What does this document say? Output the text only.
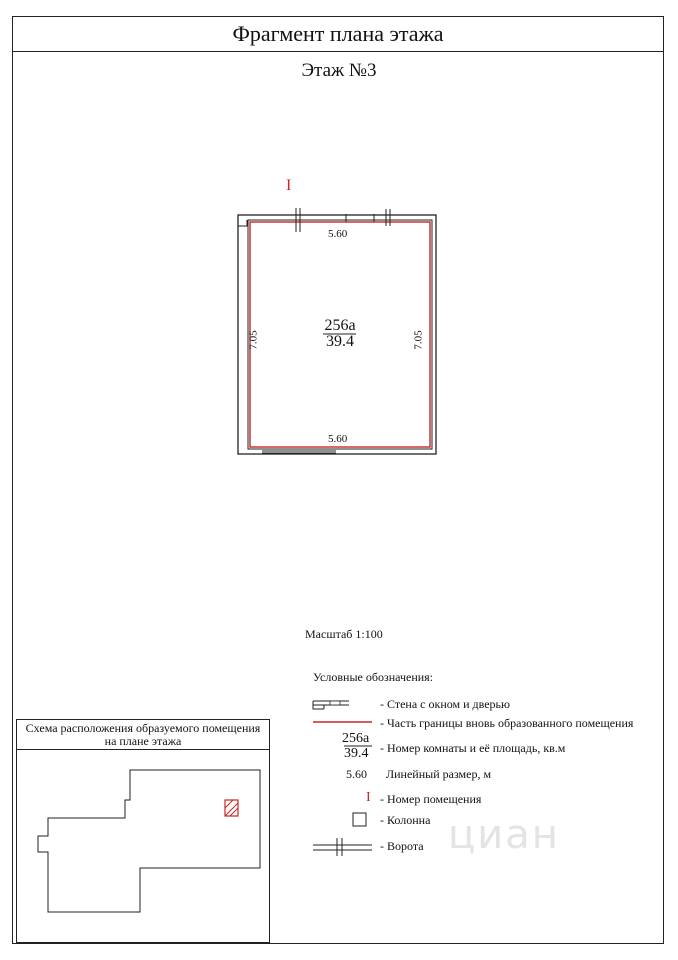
Фрагмент плана этажа
Этаж №3
I
5.60
5.60
7.05	7.05
256а
39.4
Масштаб 1:100
Условные обозначения:
- Стена с окном и дверью
- Часть границы вновь образованного помещения
256а
39.4 - Номер комнаты и её площадь, кв.м
5.60 Линейный размер, м
I - Номер помещения
- Колонна
- Ворота
Схема расположения образуемого помещения
на плане этажа
циан
